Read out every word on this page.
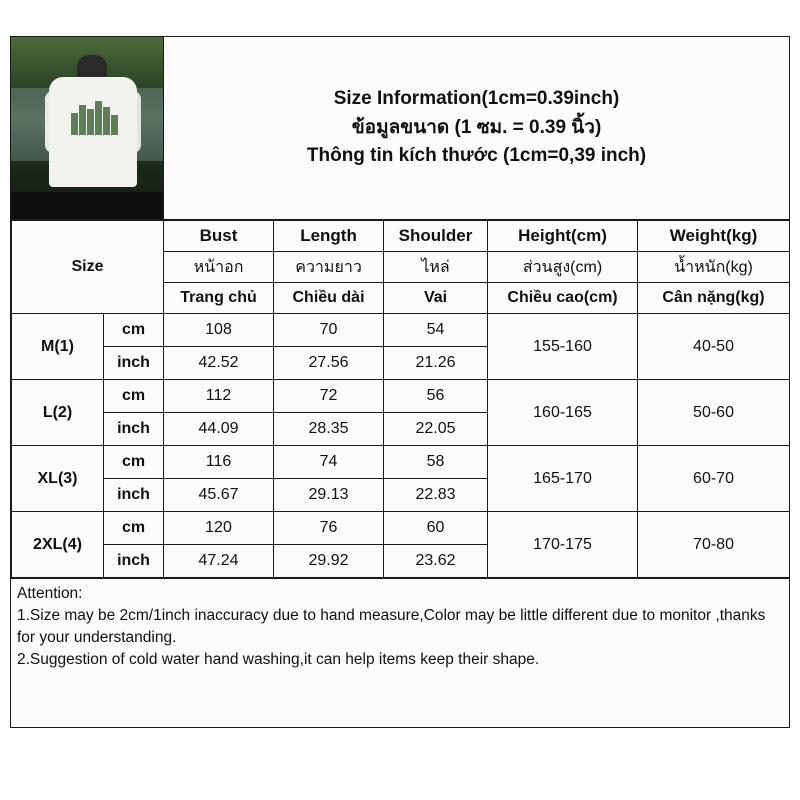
Size Information(1cm=0.39inch)
ข้อมูลขนาด (1 ซม. = 0.39 นิ้ว)
Thông tin kích thước (1cm=0,39 inch)
Size		Bust	Length	Shoulder	Height(cm)	Weight(kg)
		หน้าอก	ความยาว	ไหล่	ส่วนสูง(cm)	น้ำหนัก(kg)
		Trang chủ	Chiều dài	Vai	Chiều cao(cm)	Cân nặng(kg)
M(1)	cm	108	70	54	155-160	40-50
	inch	42.52	27.56	21.26		
L(2)	cm	112	72	56	160-165	50-60
	inch	44.09	28.35	22.05		
XL(3)	cm	116	74	58	165-170	60-70
	inch	45.67	29.13	22.83		
2XL(4)	cm	120	76	60	170-175	70-80
	inch	47.24	29.92	23.62		
Attention:
1.Size may be 2cm/1inch inaccuracy due to hand measure,Color may be little different due to monitor ,thanks for your understanding.
2.Suggestion of cold water hand washing,it can help items keep their shape.
